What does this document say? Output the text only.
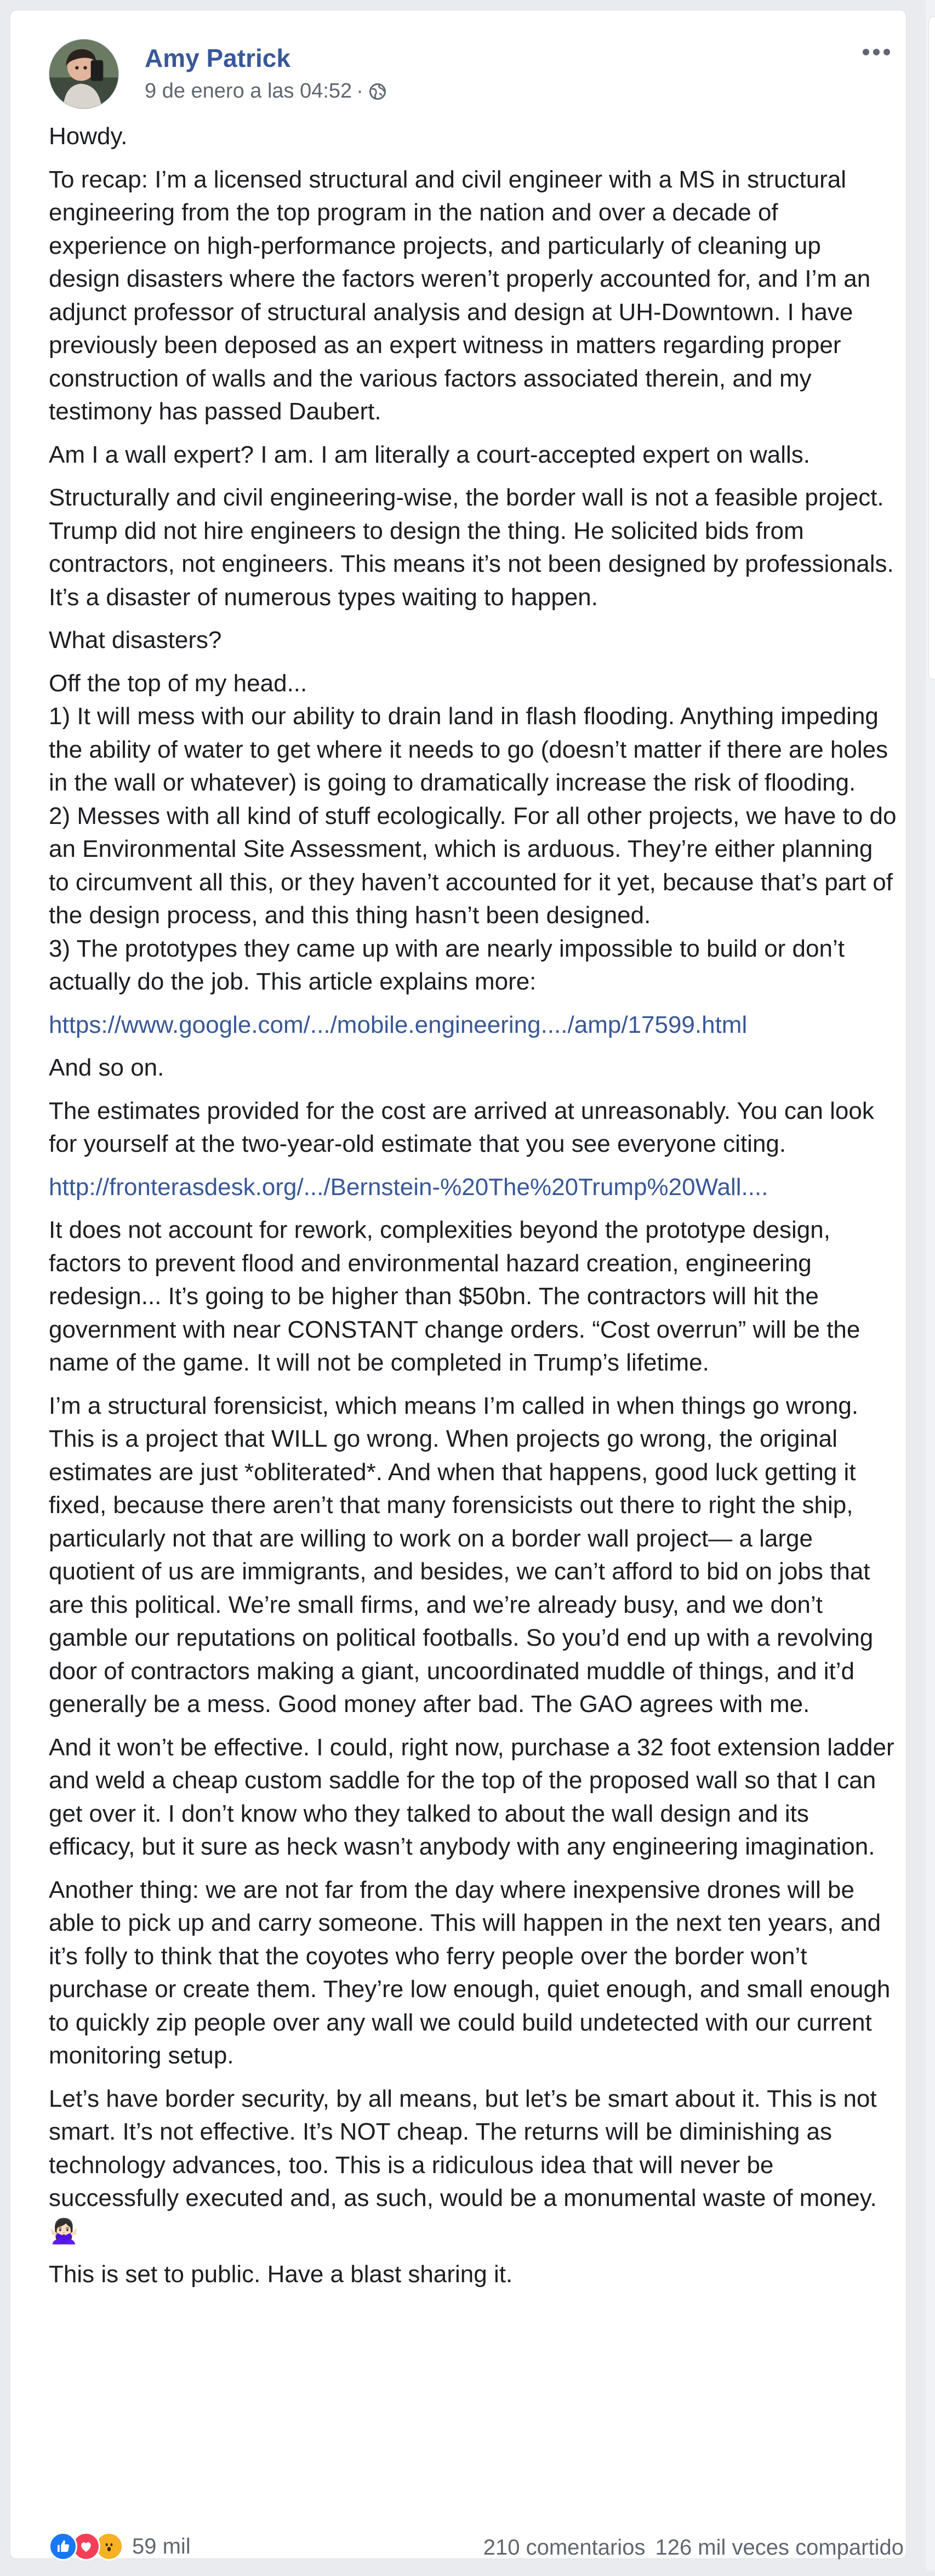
Amy Patrick
9 de enero a las 04:52 ·

Howdy.

To recap: I’m a licensed structural and civil engineer with a MS in structural engineering from the top program in the nation and over a decade of experience on high-performance projects, and particularly of cleaning up design disasters where the factors weren’t properly accounted for, and I’m an adjunct professor of structural analysis and design at UH-Downtown. I have previously been deposed as an expert witness in matters regarding proper construction of walls and the various factors associated therein, and my testimony has passed Daubert.

Am I a wall expert? I am. I am literally a court-accepted expert on walls.

Structurally and civil engineering-wise, the border wall is not a feasible project. Trump did not hire engineers to design the thing. He solicited bids from contractors, not engineers. This means it’s not been designed by professionals. It’s a disaster of numerous types waiting to happen.

What disasters?

Off the top of my head...
1) It will mess with our ability to drain land in flash flooding. Anything impeding the ability of water to get where it needs to go (doesn’t matter if there are holes in the wall or whatever) is going to dramatically increase the risk of flooding.
2) Messes with all kind of stuff ecologically. For all other projects, we have to do an Environmental Site Assessment, which is arduous. They’re either planning to circumvent all this, or they haven’t accounted for it yet, because that’s part of the design process, and this thing hasn’t been designed.
3) The prototypes they came up with are nearly impossible to build or don’t actually do the job. This article explains more:

https://www.google.com/.../mobile.engineering..../amp/17599.html

And so on.

The estimates provided for the cost are arrived at unreasonably. You can look for yourself at the two-year-old estimate that you see everyone citing.

http://fronterasdesk.org/.../Bernstein-%20The%20Trump%20Wall....

It does not account for rework, complexities beyond the prototype design, factors to prevent flood and environmental hazard creation, engineering redesign... It’s going to be higher than $50bn. The contractors will hit the government with near CONSTANT change orders. “Cost overrun” will be the name of the game. It will not be completed in Trump’s lifetime.

I’m a structural forensicist, which means I’m called in when things go wrong. This is a project that WILL go wrong. When projects go wrong, the original estimates are just *obliterated*. And when that happens, good luck getting it fixed, because there aren’t that many forensicists out there to right the ship, particularly not that are willing to work on a border wall project— a large quotient of us are immigrants, and besides, we can’t afford to bid on jobs that are this political. We’re small firms, and we’re already busy, and we don’t gamble our reputations on political footballs. So you’d end up with a revolving door of contractors making a giant, uncoordinated muddle of things, and it’d generally be a mess. Good money after bad. The GAO agrees with me.

And it won’t be effective. I could, right now, purchase a 32 foot extension ladder and weld a cheap custom saddle for the top of the proposed wall so that I can get over it. I don’t know who they talked to about the wall design and its efficacy, but it sure as heck wasn’t anybody with any engineering imagination.

Another thing: we are not far from the day where inexpensive drones will be able to pick up and carry someone. This will happen in the next ten years, and it’s folly to think that the coyotes who ferry people over the border won’t purchase or create them. They’re low enough, quiet enough, and small enough to quickly zip people over any wall we could build undetected with our current monitoring setup.

Let’s have border security, by all means, but let’s be smart about it. This is not smart. It’s not effective. It’s NOT cheap. The returns will be diminishing as technology advances, too. This is a ridiculous idea that will never be successfully executed and, as such, would be a monumental waste of money. 🙅🏻‍♀️

This is set to public. Have a blast sharing it.

59 mil	210 comentarios 126 mil veces compartido
